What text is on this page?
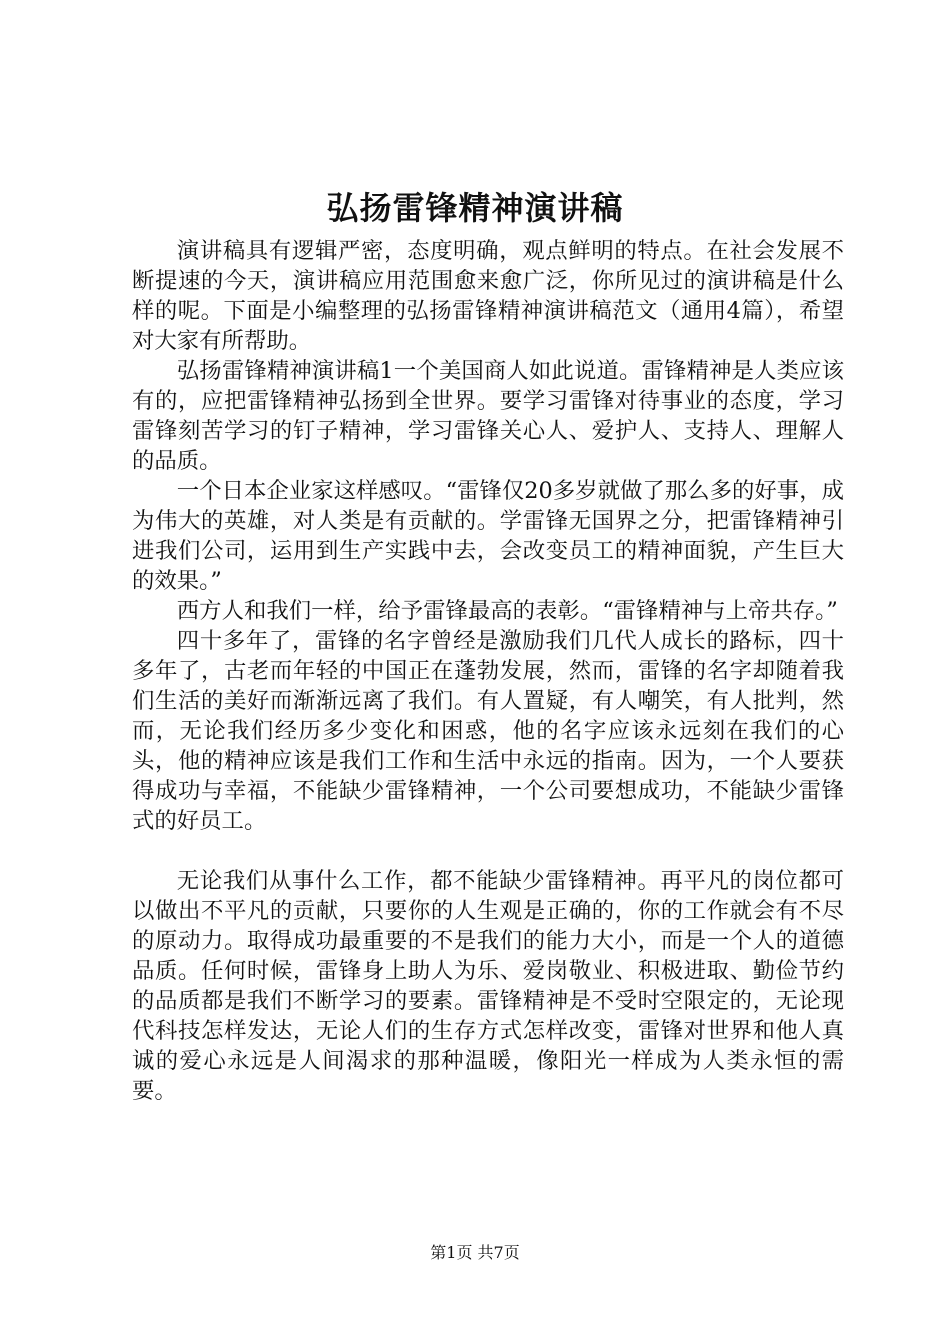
弘扬雷锋精神演讲稿

演讲稿具有逻辑严密，态度明确，观点鲜明的特点。在社会发展不断提速的今天，演讲稿应用范围愈来愈广泛，你所见过的演讲稿是什么样的呢。下面是小编整理的弘扬雷锋精神演讲稿范文（通用4篇），希望对大家有所帮助。

弘扬雷锋精神演讲稿1一个美国商人如此说道。雷锋精神是人类应该有的，应把雷锋精神弘扬到全世界。要学习雷锋对待事业的态度，学习雷锋刻苦学习的钉子精神，学习雷锋关心人、爱护人、支持人、理解人的品质。

一个日本企业家这样感叹。“雷锋仅20多岁就做了那么多的好事，成为伟大的英雄，对人类是有贡献的。学雷锋无国界之分，把雷锋精神引进我们公司，运用到生产实践中去，会改变员工的精神面貌，产生巨大的效果。”

西方人和我们一样，给予雷锋最高的表彰。“雷锋精神与上帝共存。”

四十多年了，雷锋的名字曾经是激励我们几代人成长的路标，四十多年了，古老而年轻的中国正在蓬勃发展，然而，雷锋的名字却随着我们生活的美好而渐渐远离了我们。有人置疑，有人嘲笑，有人批判，然而，无论我们经历多少变化和困惑，他的名字应该永远刻在我们的心头，他的精神应该是我们工作和生活中永远的指南。因为，一个人要获得成功与幸福，不能缺少雷锋精神，一个公司要想成功，不能缺少雷锋式的好员工。

无论我们从事什么工作，都不能缺少雷锋精神。再平凡的岗位都可以做出不平凡的贡献，只要你的人生观是正确的，你的工作就会有不尽的原动力。取得成功最重要的不是我们的能力大小，而是一个人的道德品质。任何时候，雷锋身上助人为乐、爱岗敬业、积极进取、勤俭节约的品质都是我们不断学习的要素。雷锋精神是不受时空限定的，无论现代科技怎样发达，无论人们的生存方式怎样改变，雷锋对世界和他人真诚的爱心永远是人间渴求的那种温暖，像阳光一样成为人类永恒的需要。

第1页 共7页
